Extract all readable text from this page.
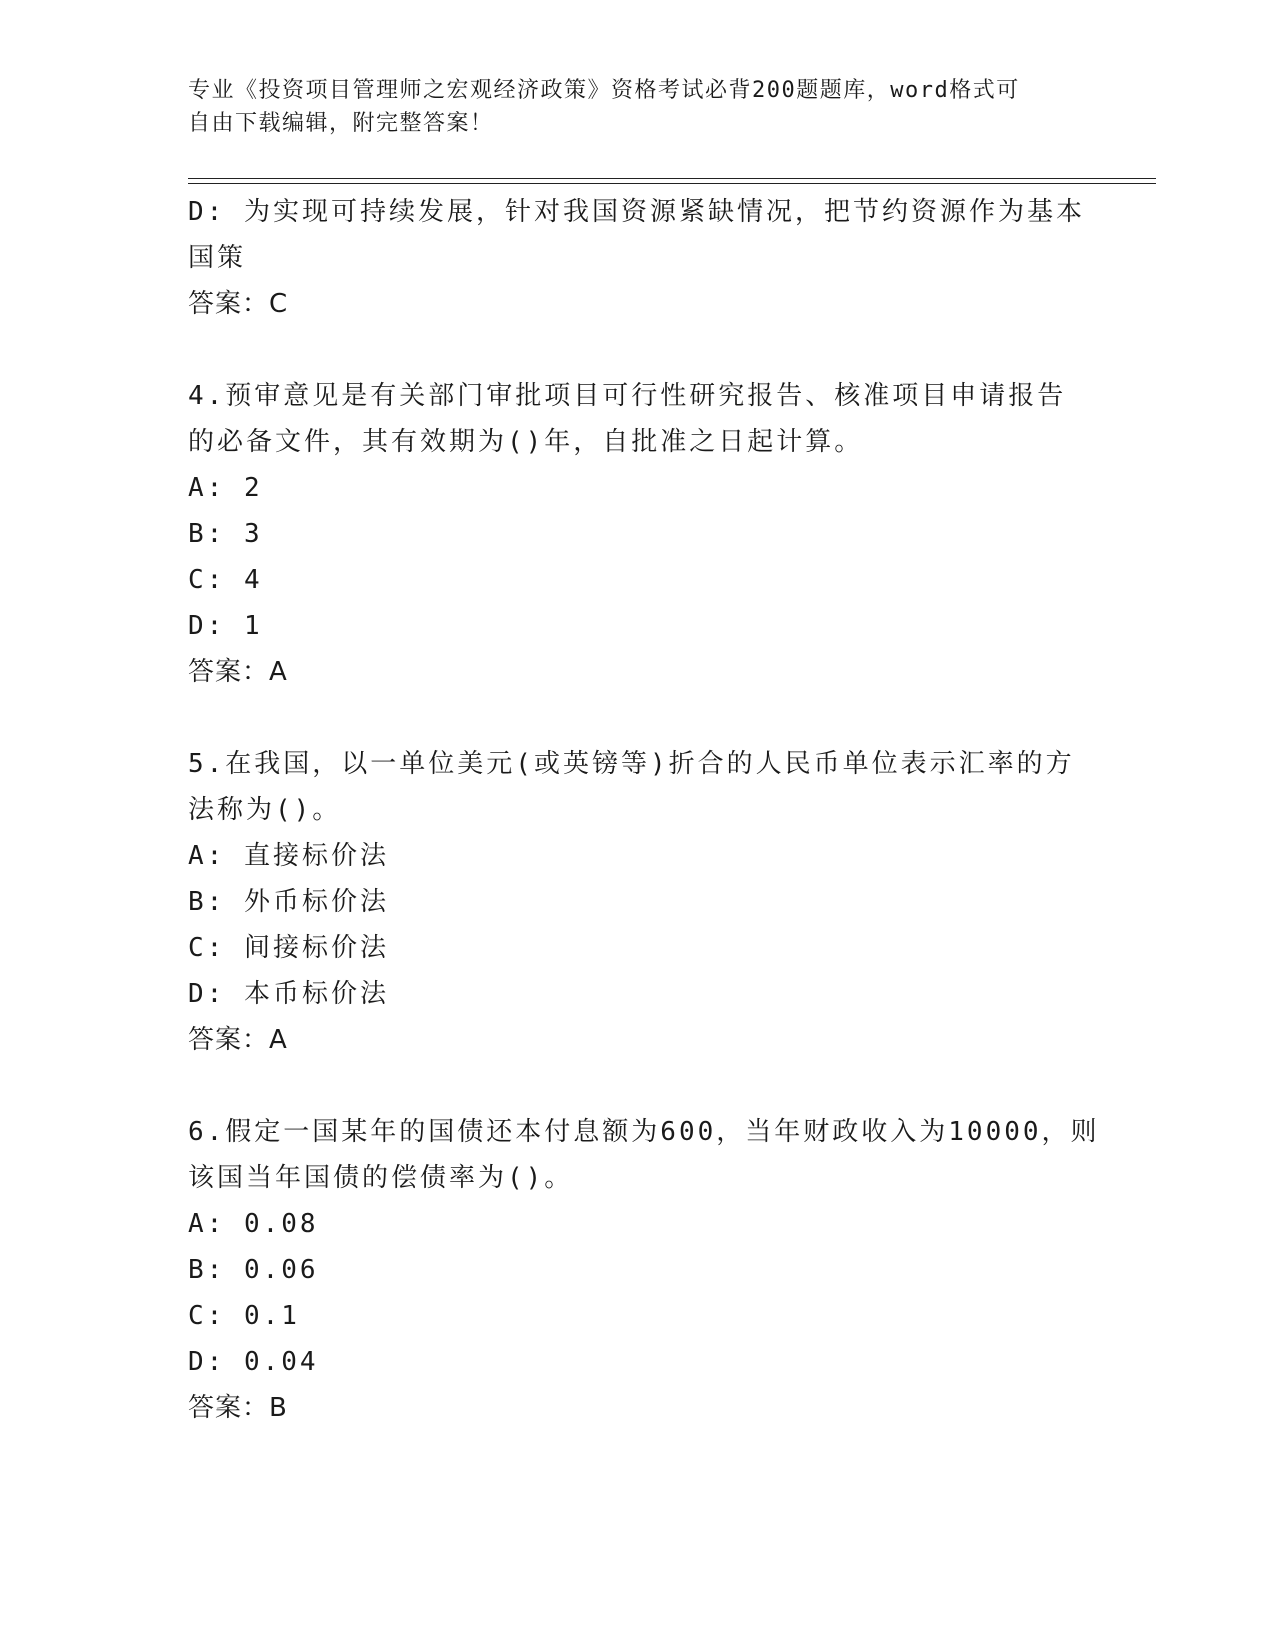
专业《投资项目管理师之宏观经济政策》资格考试必背200题题库，word格式可
自由下载编辑，附完整答案！
D: 为实现可持续发展，针对我国资源紧缺情况，把节约资源作为基本
国策
答案：C
4.预审意见是有关部门审批项目可行性研究报告、核准项目申请报告
的必备文件，其有效期为()年，自批准之日起计算。
A: 2
B: 3
C: 4
D: 1
答案：A
5.在我国，以一单位美元(或英镑等)折合的人民币单位表示汇率的方
法称为()。
A: 直接标价法
B: 外币标价法
C: 间接标价法
D: 本币标价法
答案：A
6.假定一国某年的国债还本付息额为600，当年财政收入为10000，则
该国当年国债的偿债率为()。
A: 0.08
B: 0.06
C: 0.1
D: 0.04
答案：B
